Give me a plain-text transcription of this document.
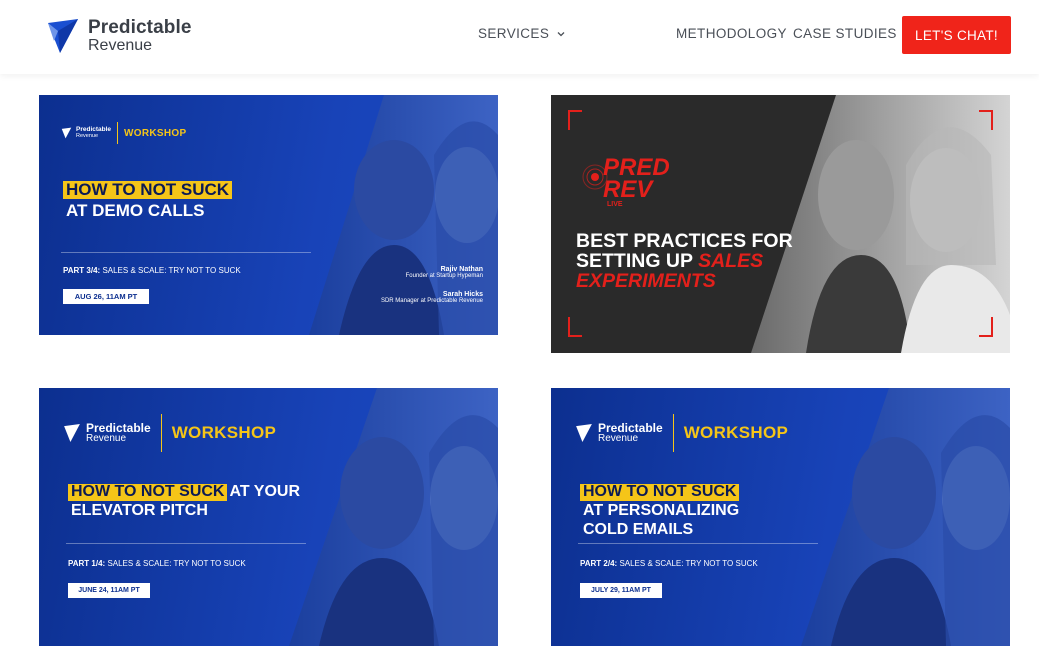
Predictable
Revenue
SERVICES	METHODOLOGY CASE STUDIES	LET'S CHAT!
Predictable
Revenue	WORKSHOP
HOW TO NOT SUCK
AT DEMO CALLS
PART 3/4: SALES & SCALE: TRY NOT TO SUCK
AUG 26, 11AM PT
Rajiv Nathan
Founder at Startup Hypeman
Sarah Hicks
SDR Manager at Predictable Revenue
PRED
REV
LIVE
BEST PRACTICES FOR
SETTING UP SALES
EXPERIMENTS
Predictable
Revenue	WORKSHOP
HOW TO NOT SUCK AT YOUR
ELEVATOR PITCH
PART 1/4: SALES & SCALE: TRY NOT TO SUCK
JUNE 24, 11AM PT
Predictable
Revenue	WORKSHOP
HOW TO NOT SUCK
AT PERSONALIZING
COLD EMAILS
PART 2/4: SALES & SCALE: TRY NOT TO SUCK
JULY 29, 11AM PT
